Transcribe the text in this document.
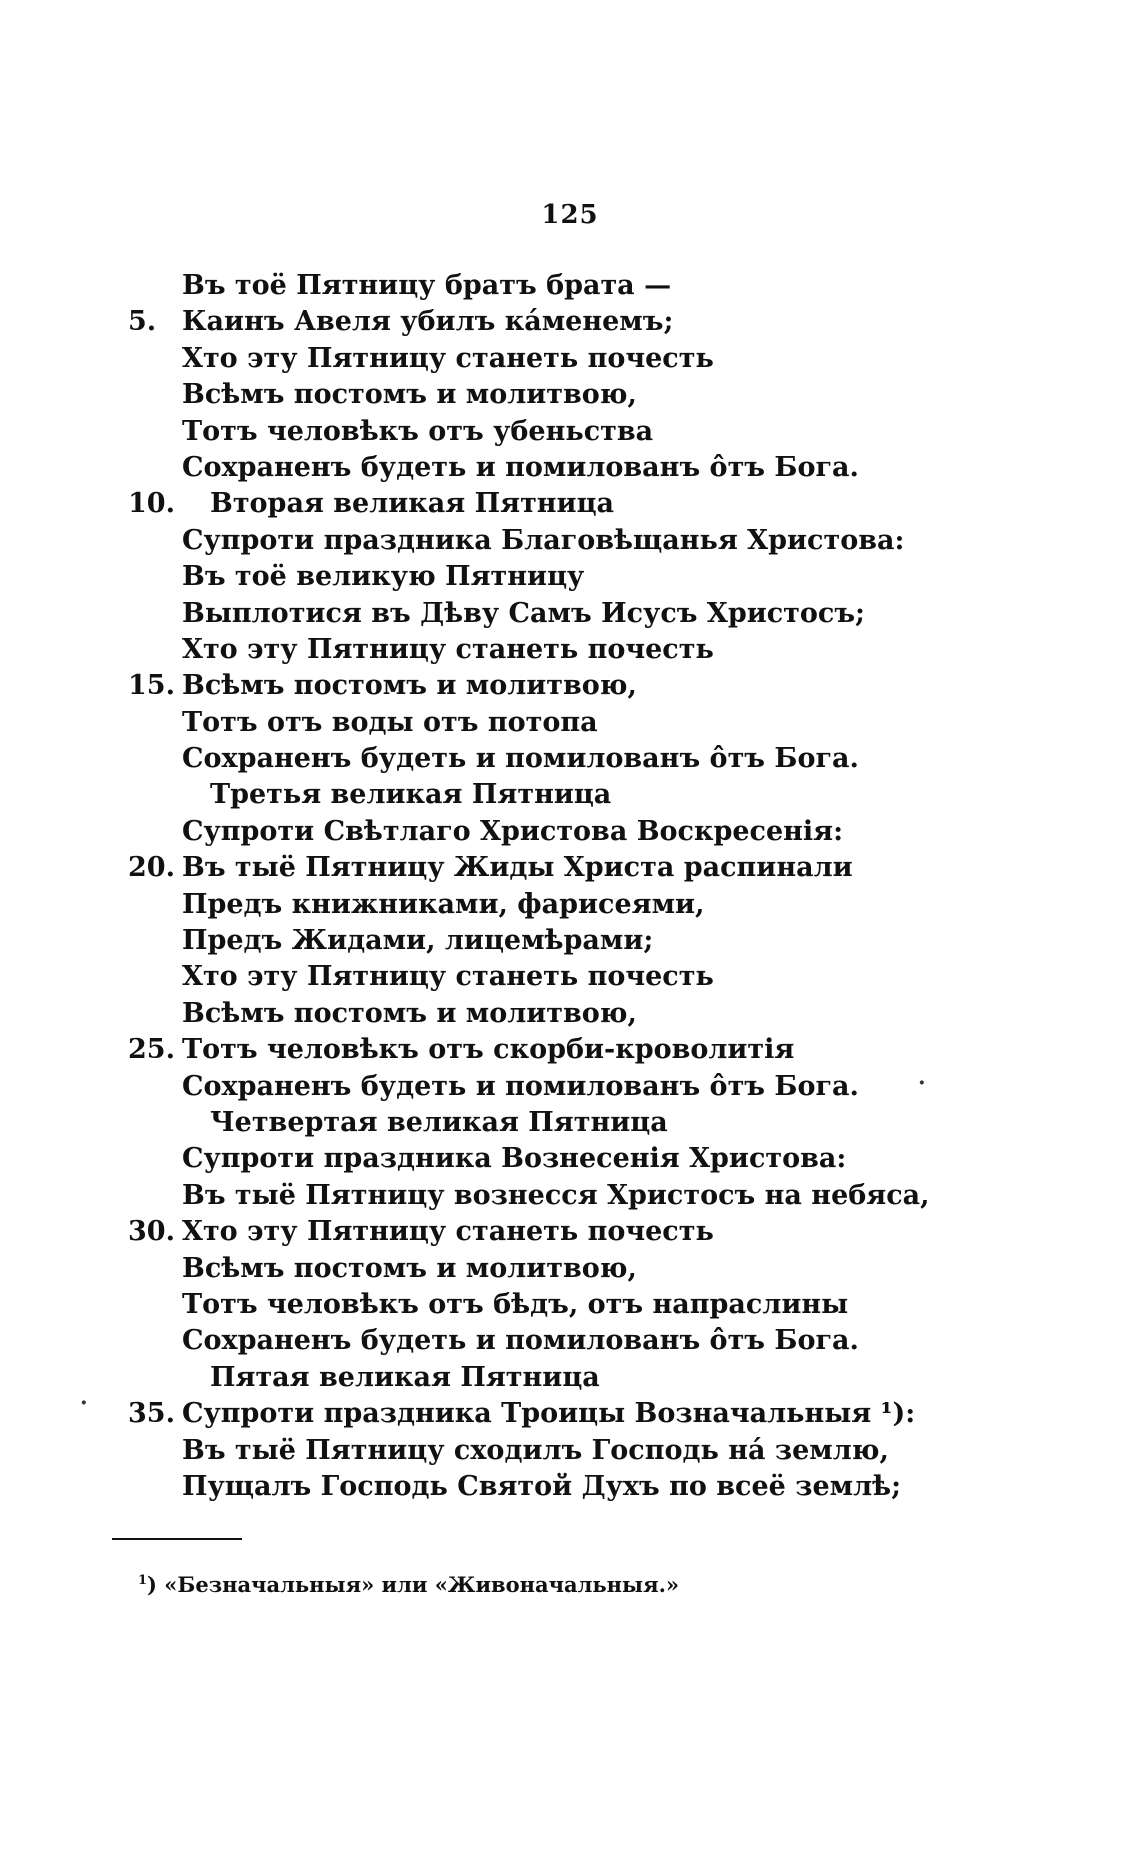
125
Въ тоё Пятницу братъ брата —
5. Каинъ Авеля убилъ ка́менемъ;
Хто эту Пятницу станеть почесть
Всѣмъ постомъ и молитвою,
Тотъ человѣкъ отъ убеньства
Сохраненъ будеть и помилованъ о̂тъ Бога.
10. Вторая великая Пятница
Супроти праздника Благовѣщанья Христова:
Въ тоё великую Пятницу
Выплотися въ Дѣву Самъ Исусъ Христосъ;
Хто эту Пятницу станеть почесть
15. Всѣмъ постомъ и молитвою,
Тотъ отъ воды отъ потопа
Сохраненъ будеть и помилованъ о̂тъ Бога.
Третья великая Пятница
Супроти Свѣтлаго Христова Воскресенія:
20. Въ тыё Пятницу Жиды Христа распинали
Предъ книжниками, фарисеями,
Предъ Жидами, лицемѣрами;
Хто эту Пятницу станеть почесть
Всѣмъ постомъ и молитвою,
25. Тотъ человѣкъ отъ скорби-кроволитія
Сохраненъ будеть и помилованъ о̂тъ Бога.
Четвертая великая Пятница
Супроти праздника Вознесенія Христова:
Въ тыё Пятницу вознесся Христосъ на небяса,
30. Хто эту Пятницу станеть почесть
Всѣмъ постомъ и молитвою,
Тотъ человѣкъ отъ бѣдъ, отъ напраслины
Сохраненъ будеть и помилованъ о̂тъ Бога.
Пятая великая Пятница
35. Супроти праздника Троицы Возначальныя ¹):
Въ тыё Пятницу сходилъ Господь на́ землю,
Пущалъ Господь Святой Духъ по всеё землѣ;
·
·
$^1$) «Безначальныя» или «Живоначальныя.»
